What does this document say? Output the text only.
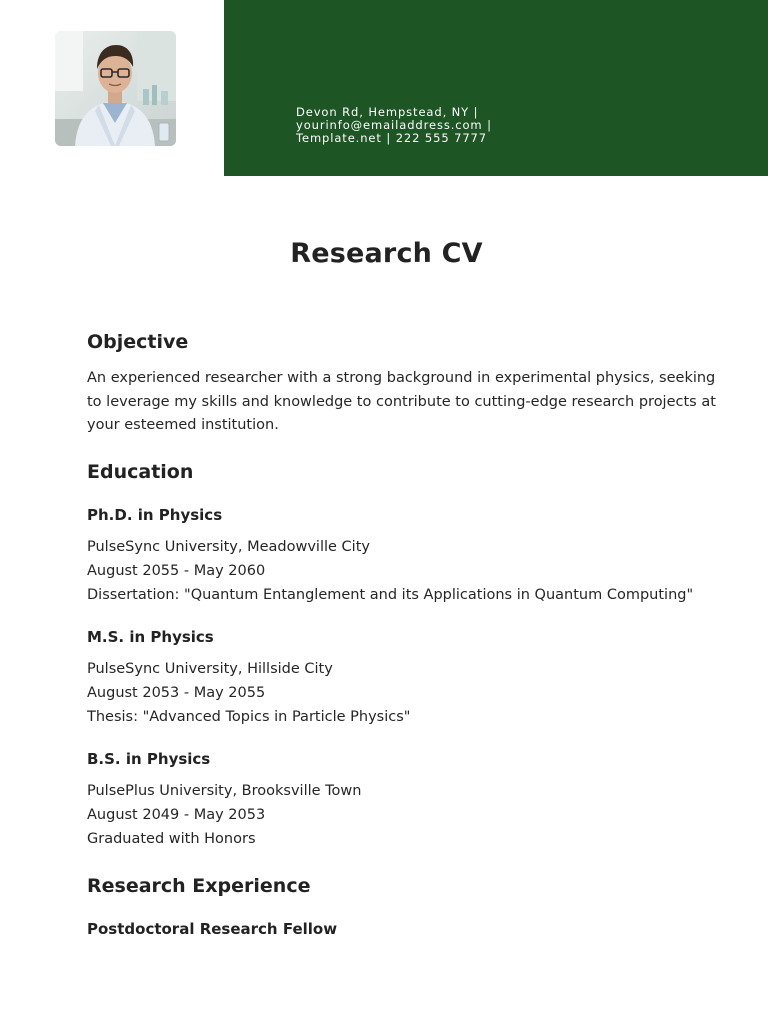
Devon Rd, Hempstead, NY |
yourinfo@emailaddress.com |
Template.net | 222 555 7777
Research CV
Objective
An experienced researcher with a strong background in experimental physics, seeking
to leverage my skills and knowledge to contribute to cutting-edge research projects at
your esteemed institution.
Education
Ph.D. in Physics
PulseSync University, Meadowville City
August 2055 - May 2060
Dissertation: "Quantum Entanglement and its Applications in Quantum Computing"
M.S. in Physics
PulseSync University, Hillside City
August 2053 - May 2055
Thesis: "Advanced Topics in Particle Physics"
B.S. in Physics
PulsePlus University, Brooksville Town
August 2049 - May 2053
Graduated with Honors
Research Experience
Postdoctoral Research Fellow
